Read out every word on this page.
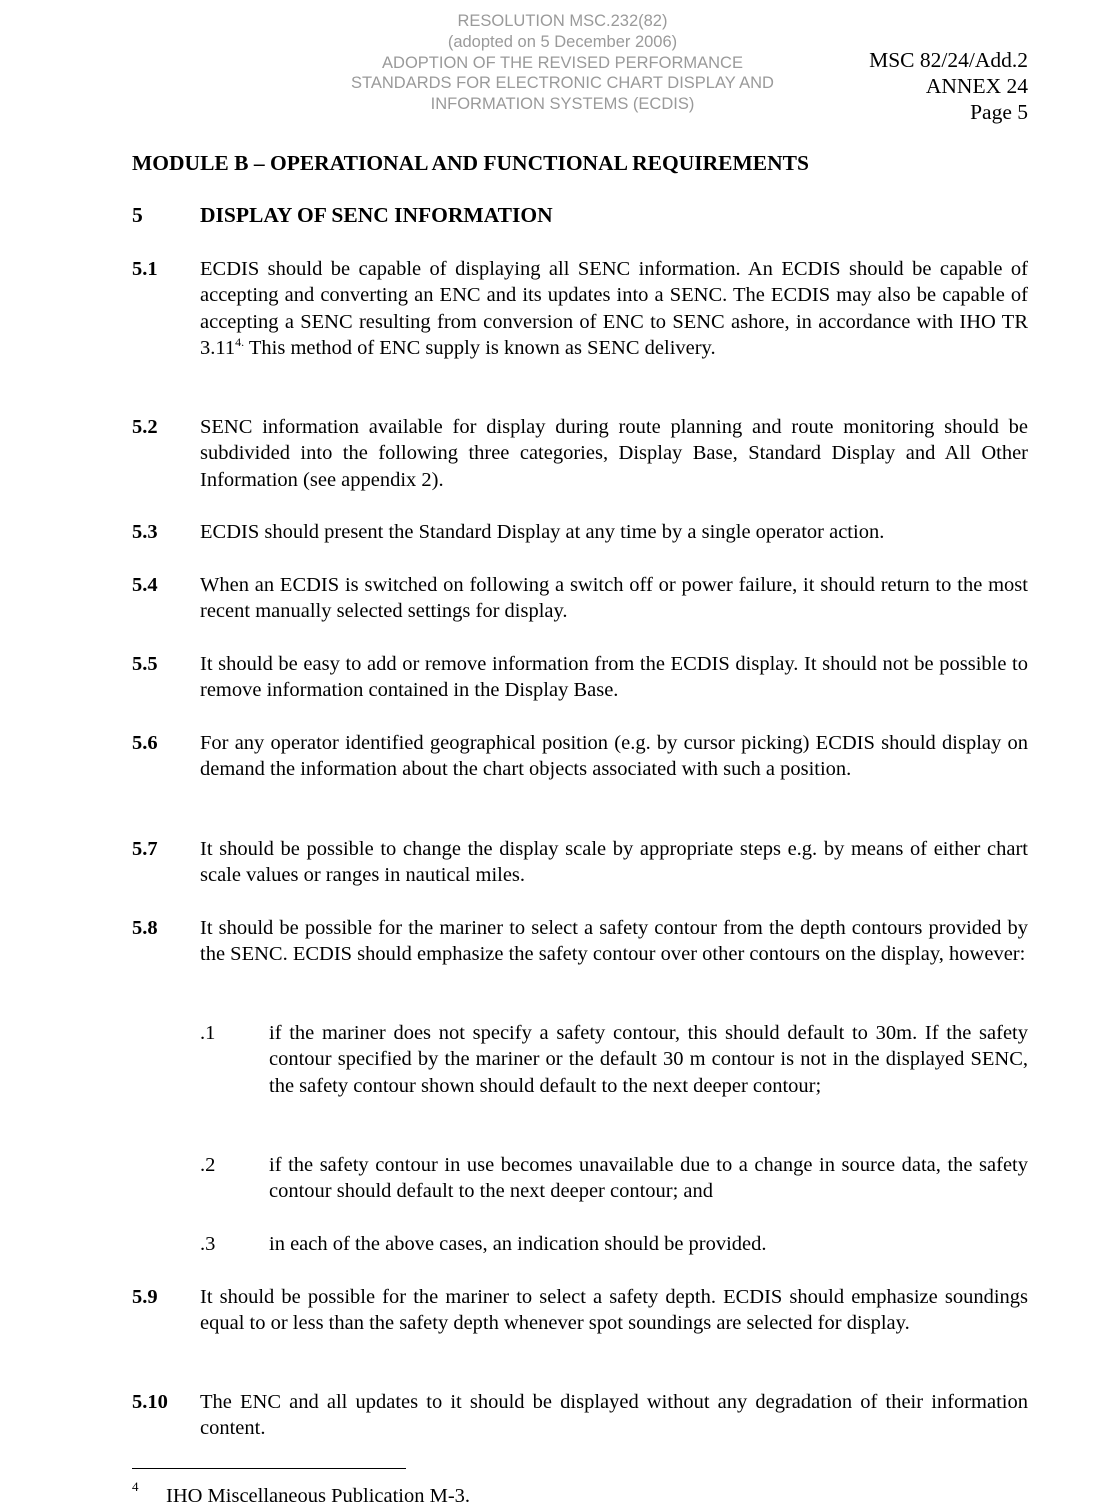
RESOLUTION MSC.232(82)
(adopted on 5 December 2006)
ADOPTION OF THE REVISED PERFORMANCE
STANDARDS FOR ELECTRONIC CHART DISPLAY AND
INFORMATION SYSTEMS (ECDIS)
MSC 82/24/Add.2
ANNEX 24
Page 5
MODULE B – OPERATIONAL AND FUNCTIONAL REQUIREMENTS
5	DISPLAY OF SENC INFORMATION
5.1 ECDIS should be capable of displaying all SENC information. An ECDIS should be capable of accepting and converting an ENC and its updates into a SENC. The ECDIS may also be capable of accepting a SENC resulting from conversion of ENC to SENC ashore, in accordance with IHO TR $3.11^{4.}$ This method of ENC supply is known as SENC delivery.
5.2 SENC information available for display during route planning and route monitoring should be subdivided into the following three categories, Display Base, Standard Display and All Other Information (see appendix 2).
5.3 ECDIS should present the Standard Display at any time by a single operator action.
5.4 When an ECDIS is switched on following a switch off or power failure, it should return to the most recent manually selected settings for display.
5.5 It should be easy to add or remove information from the ECDIS display. It should not be possible to remove information contained in the Display Base.
5.6 For any operator identified geographical position (e.g. by cursor picking) ECDIS should display on demand the information about the chart objects associated with such a position.
5.7 It should be possible to change the display scale by appropriate steps e.g. by means of either chart scale values or ranges in nautical miles.
5.8 It should be possible for the mariner to select a safety contour from the depth contours provided by the SENC. ECDIS should emphasize the safety contour over other contours on the display, however:
.1	if the mariner does not specify a safety contour, this should default to 30m. If the safety contour specified by the mariner or the default 30 m contour is not in the displayed SENC, the safety contour shown should default to the next deeper contour;
.2	if the safety contour in use becomes unavailable due to a change in source data, the safety contour should default to the next deeper contour; and
.3	in each of the above cases, an indication should be provided.
5.9 It should be possible for the mariner to select a safety depth. ECDIS should emphasize soundings equal to or less than the safety depth whenever spot soundings are selected for display.
5.10 The ENC and all updates to it should be displayed without any degradation of their information content.
4 IHO Miscellaneous Publication M-3.
